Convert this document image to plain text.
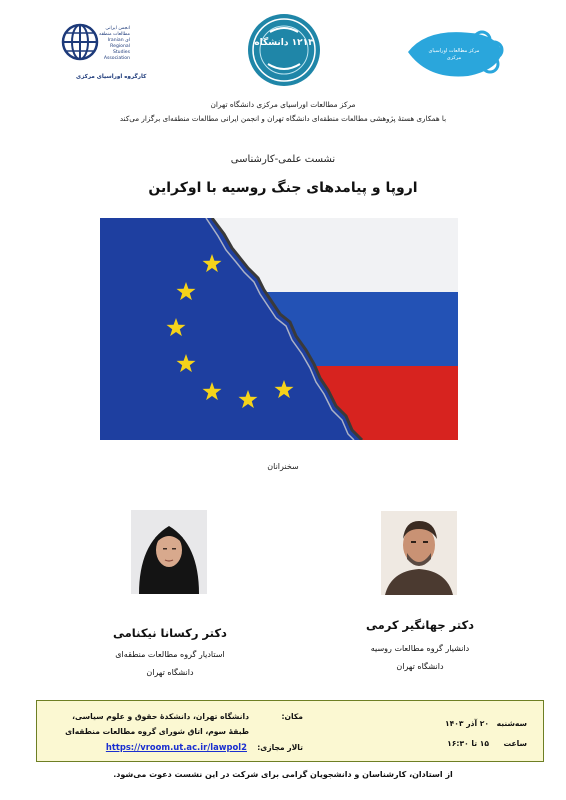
انجمن ایرانی مطالعات منطقه ای Iranian Regional Studies Association
کارگروه اوراسیای مرکزی
۱۲۱۳ دانشگاه
مرکز مطالعات اوراسیای مرکزی
مرکز مطالعات اوراسیای مرکزی دانشگاه تهران
با همکاری هستهٔ پژوهشی مطالعات منطقه‌ای دانشگاه تهران و انجمن ایرانی مطالعات منطقه‌ای برگزار می‌کند
نشست علمی-کارشناسی
اروپا و پیامدهای جنگ روسیه با اوکراین
سخنرانان
دکتر رکسانا نیکنامی
استادیار گروه مطالعات منطقه‌ای
دانشگاه تهران
دکتر جهانگیر کرمی
دانشیار گروه مطالعات روسیه
دانشگاه تهران
سه‌شنبه
۲۰ آذر ۱۴۰۳
ساعت
۱۵ تا ۱۶:۳۰
مکان:
دانشگاه تهران، دانشکدهٔ حقوق و علوم سیاسی،
طبقهٔ سوم، اتاق شورای گروه مطالعات منطقه‌ای
تالار مجازی:
https://vroom.ut.ac.ir/lawpol2
از استادان، کارشناسان و دانشجویان گرامی برای شرکت در این نشست دعوت می‌شود.
